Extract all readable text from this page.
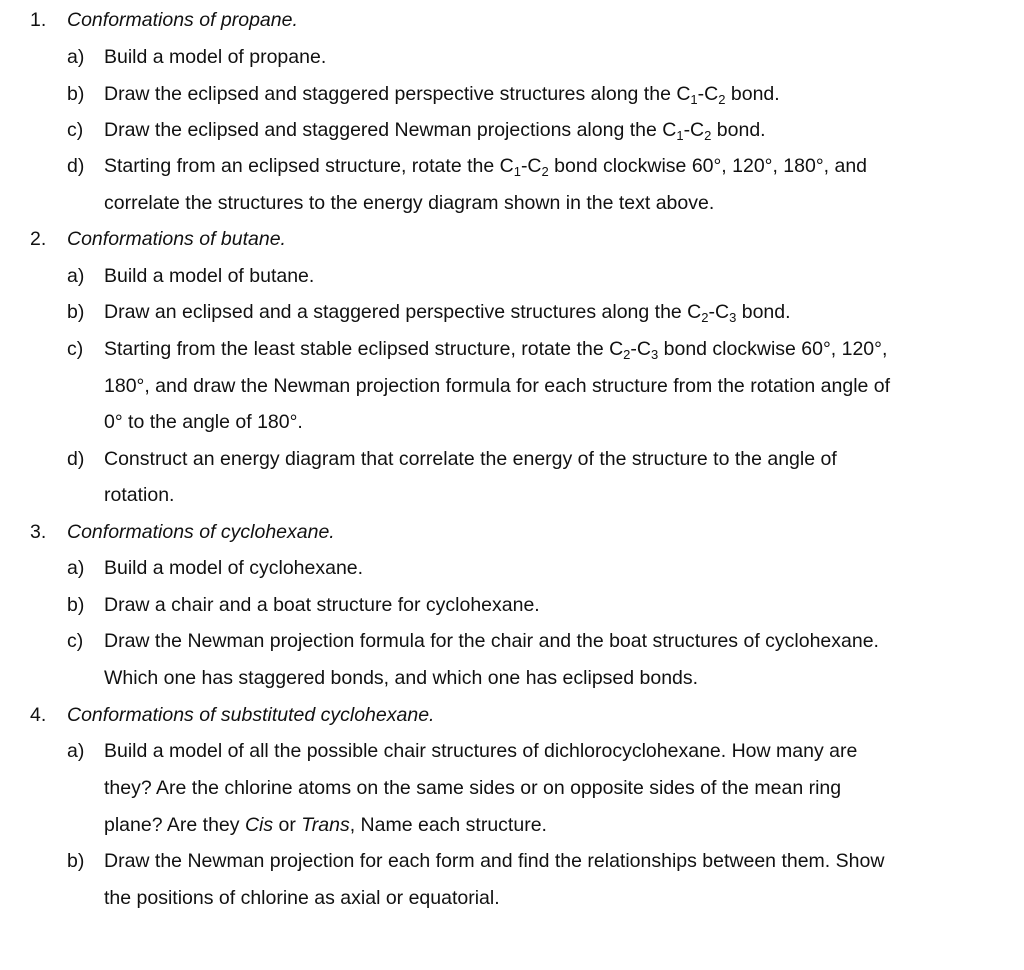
1. Conformations of propane.
a) Build a model of propane.
b) Draw the eclipsed and staggered perspective structures along the $C_1-C_2$ bond.
c) Draw the eclipsed and staggered Newman projections along the $C_1-C_2$ bond.
d) Starting from an eclipsed structure, rotate the $C_1-C_2$ bond clockwise 60°, 120°, 180°, and
correlate the structures to the energy diagram shown in the text above.
2. Conformations of butane.
a) Build a model of butane.
b) Draw an eclipsed and a staggered perspective structures along the $C_2-C_3$ bond.
c) Starting from the least stable eclipsed structure, rotate the $C_2-C_3$ bond clockwise 60°, 120°,
180°, and draw the Newman projection formula for each structure from the rotation angle of
0° to the angle of 180°.
d) Construct an energy diagram that correlate the energy of the structure to the angle of
rotation.
3. Conformations of cyclohexane.
a) Build a model of cyclohexane.
b) Draw a chair and a boat structure for cyclohexane.
c) Draw the Newman projection formula for the chair and the boat structures of cyclohexane.
Which one has staggered bonds, and which one has eclipsed bonds.
4. Conformations of substituted cyclohexane.
a) Build a model of all the possible chair structures of dichlorocyclohexane. How many are
they? Are the chlorine atoms on the same sides or on opposite sides of the mean ring
plane? Are they Cis or Trans, Name each structure.
b) Draw the Newman projection for each form and find the relationships between them. Show
the positions of chlorine as axial or equatorial.
